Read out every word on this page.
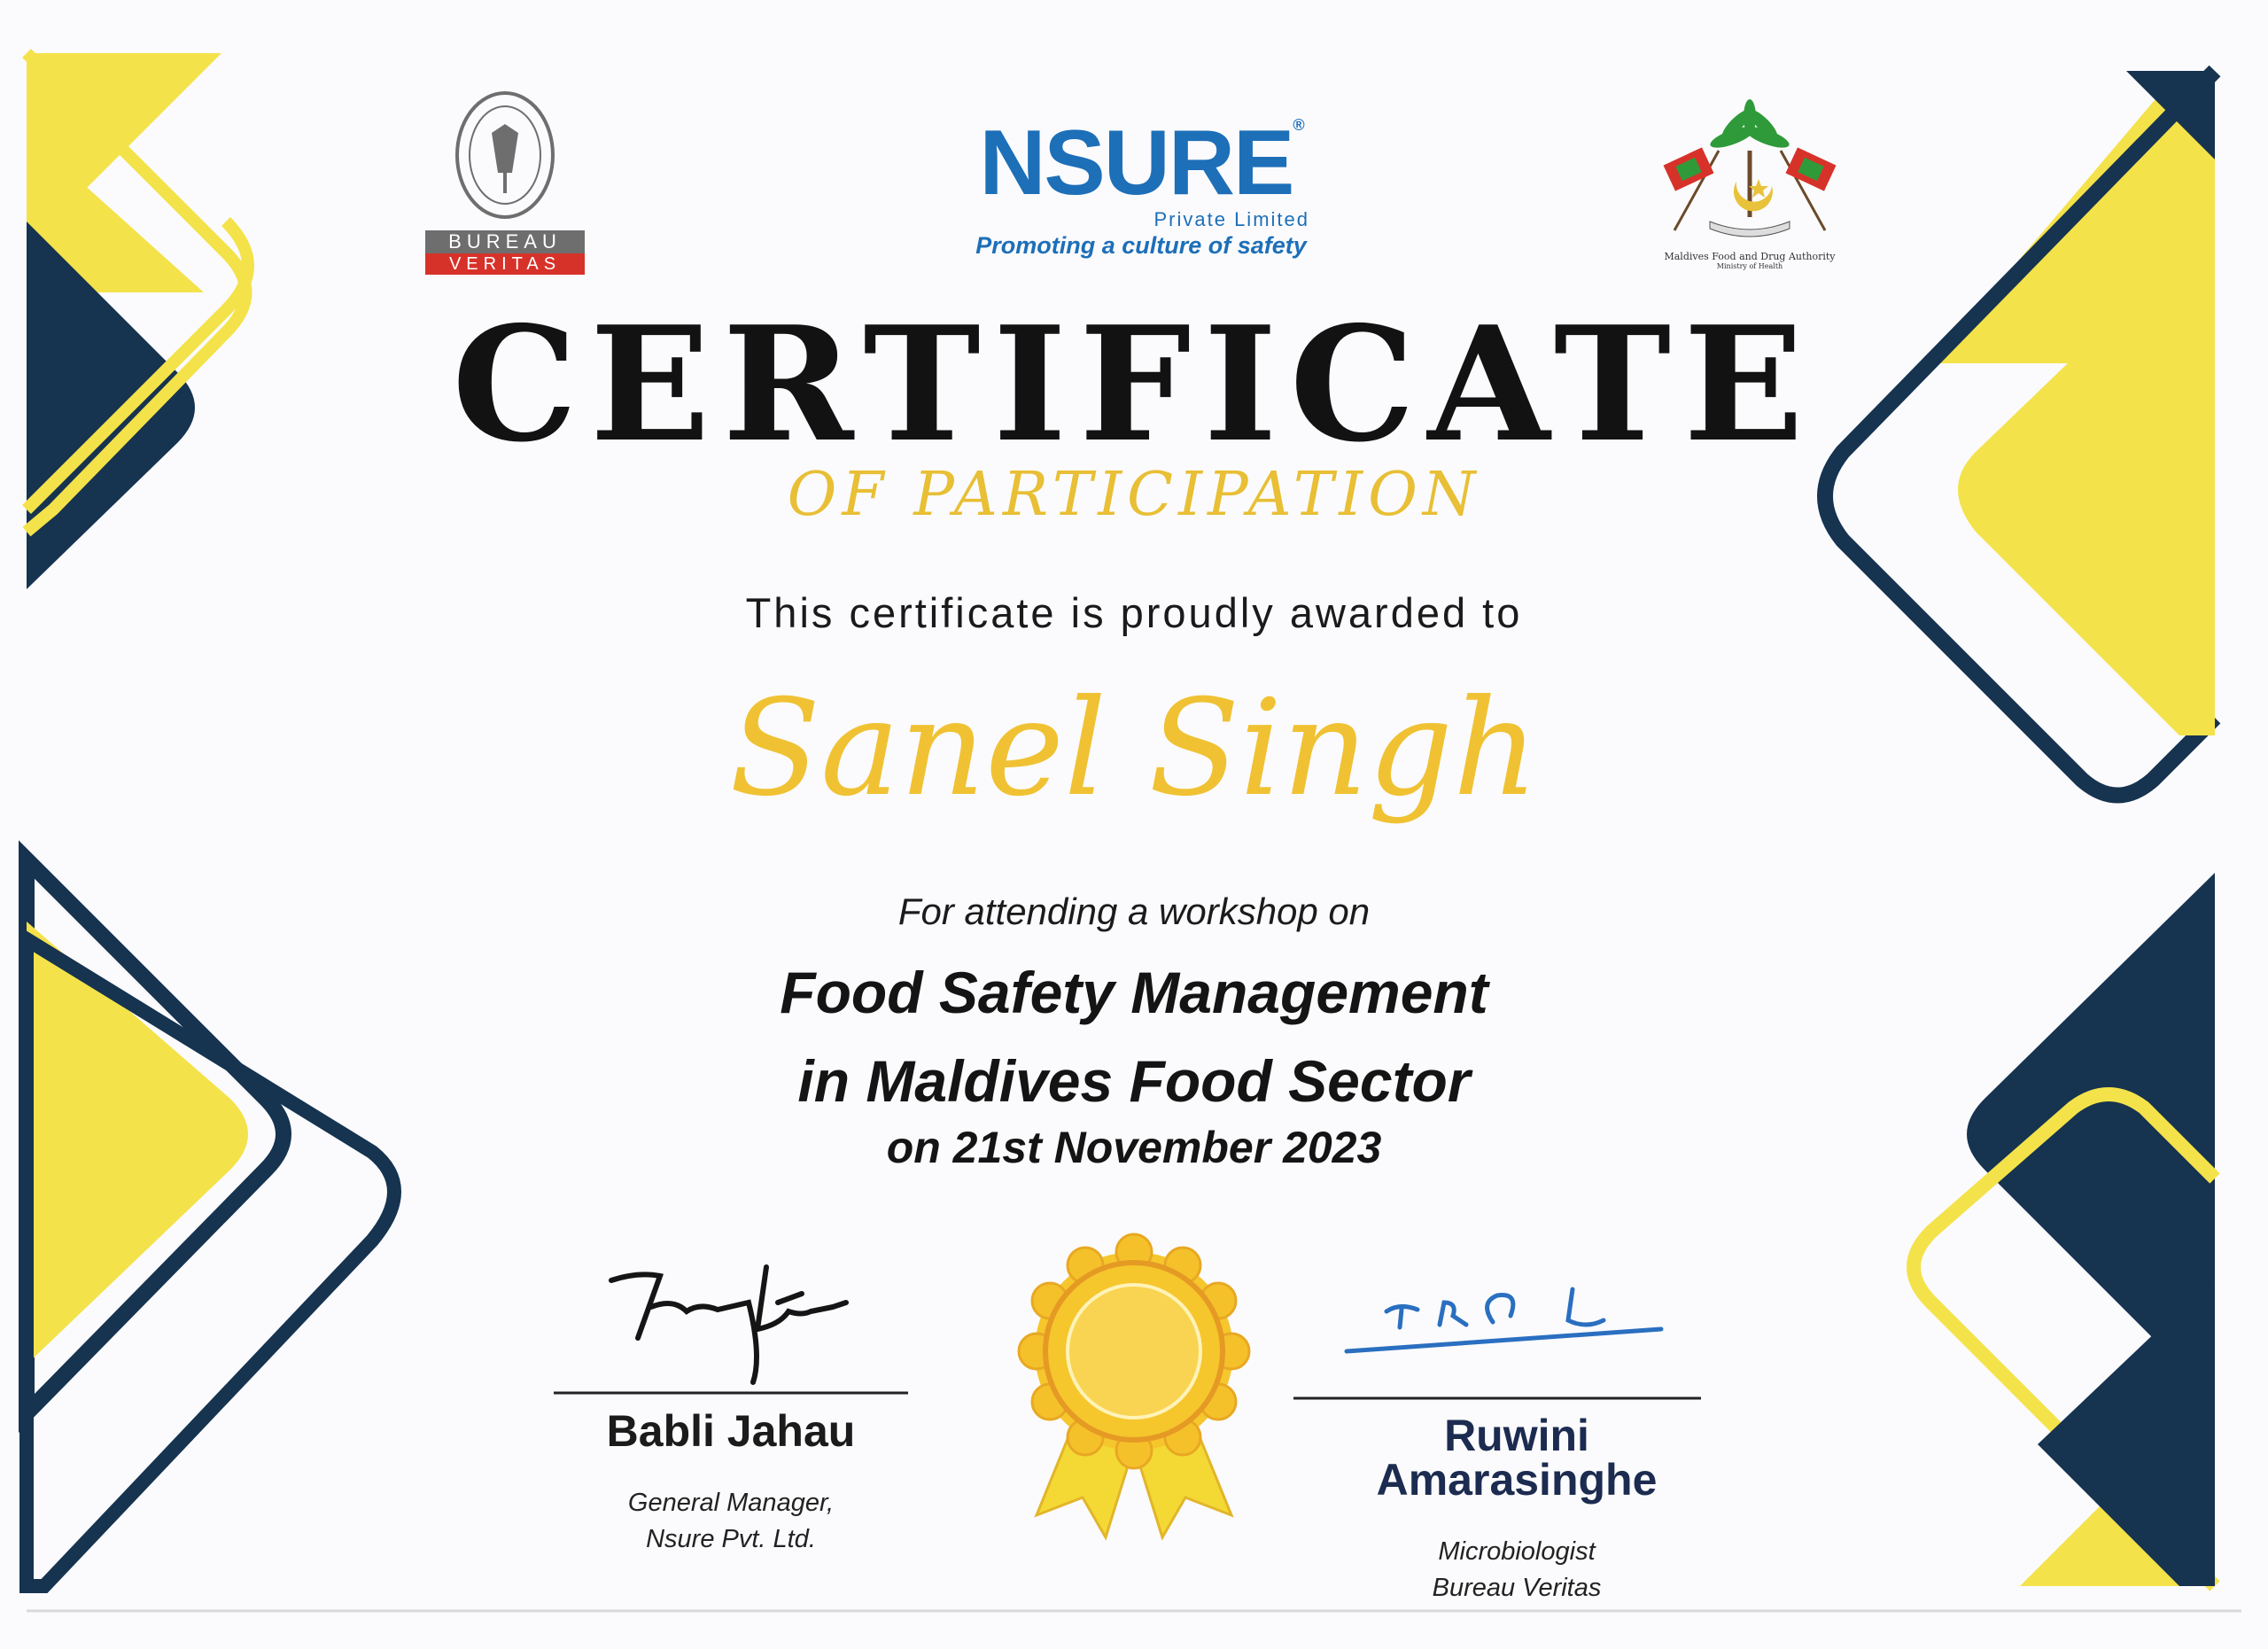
BUREAU
VERITAS
NSURE®
Private Limited
Promoting a culture of safety	Maldives Food and Drug Authority
Ministry of Health
CERTIFICATE

OF PARTICIPATION

This certificate is proudly awarded to

Sanel Singh

For attending a workshop on

Food Safety Management
in Maldives Food Sector

on 21st November 2023

Babli Jahau
General Manager,
Nsure Pvt. Ltd.
Ruwini Amarasinghe
Microbiologist
Bureau Veritas
